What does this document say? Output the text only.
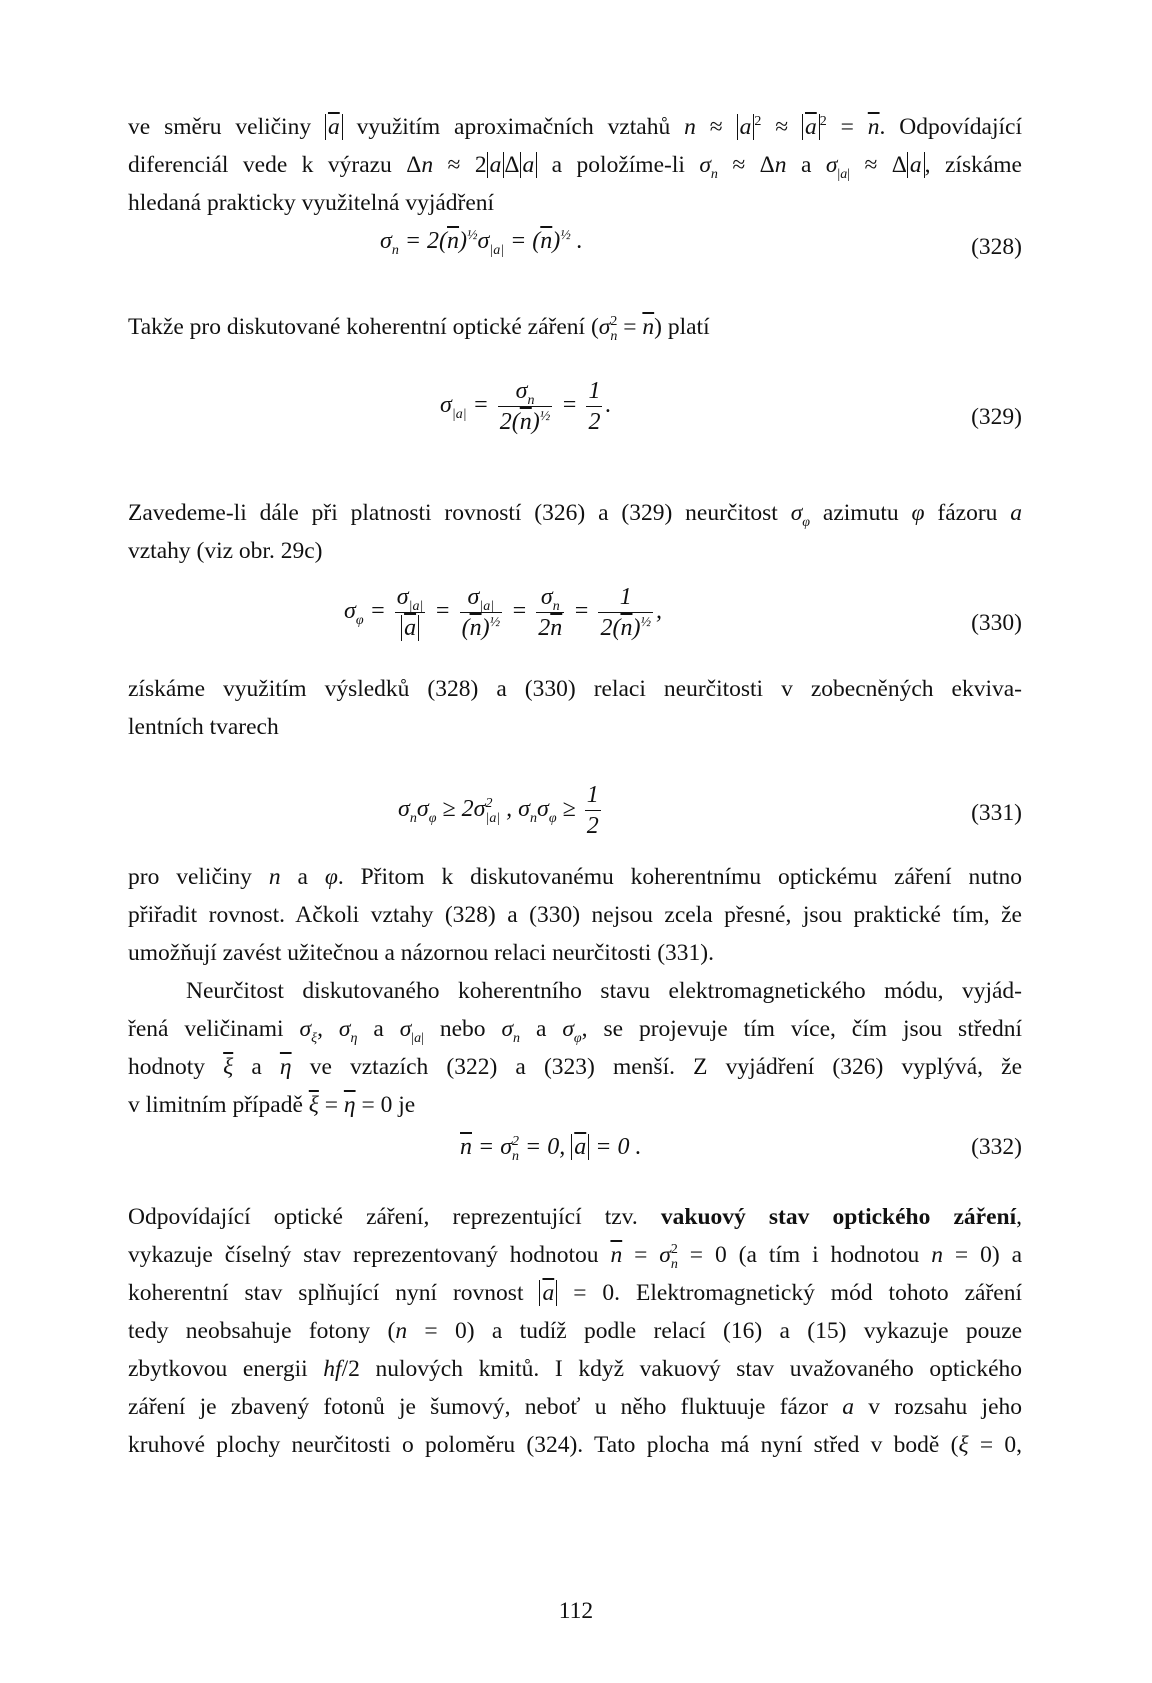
ve směru veličiny $\overline{a}$ využitím aproximačních vztahů n ≈ a $^2 \approx \overline{a}$ $^2 = \overline{n}$. Odpovídající
diferenciál vede k výrazu Δn ≈ 2 a Δ a a položíme-li $\sigma_n \approx \Delta n$ a $\sigma_{|a|} \approx \Delta$ a , získáme
hledaná prakticky využitelná vyjádření
$\sigma_n = 2(\overline{n})^{\frac{1}{2}}\sigma_{|a|} = (\overline{n})^{\frac{1}{2}}$ .	(328)
Takže pro diskutované koherentní optické záření $(\sigma^2_n = \overline{n})$ platí
$\sigma_{|a|} = \frac{\sigma_n}{2(\overline{n})^{\frac{1}{2}}} = \frac{1}{2}$ .	(329)
Zavedeme-li dále při platnosti rovností (326) a (329) neurčitost $\sigma_\varphi$ azimutu φ fázoru a
vztahy (viz obr. 29c)
$\sigma_\varphi = \frac{\sigma_{|a|}}{a} = \frac{\sigma_{|a|}}{(\overline{n})^{\frac{1}{2}}} = \frac{\sigma_n}{2\overline{n}} = \frac{1}{2(\overline{n})^{\frac{1}{2}}}$ ,	(330)
získáme využitím výsledků (328) a (330) relaci neurčitosti v zobecněných ekviva-
lentních tvarech
$\sigma_n\sigma_\varphi \ge 2\sigma^2_{|a|}$ , $\sigma_n\sigma_\varphi \ge \frac{1}{2}$	(331)
pro veličiny n a φ. Přitom k diskutovanému koherentnímu optickému záření nutno
přiřadit rovnost. Ačkoli vztahy (328) a (330) nejsou zcela přesné, jsou praktické tím, že
umožňují zavést užitečnou a názornou relaci neurčitosti (331).
Neurčitost diskutovaného koherentního stavu elektromagnetického módu, vyjád-
řená veličinami $\sigma_\xi$, $\sigma_\eta$ a $\sigma_{|a|}$ nebo $\sigma_n$ a $\sigma_\varphi$, se projevuje tím více, čím jsou střední
hodnoty $\overline{\xi}$ a $\overline{\eta}$ ve vztazích (322) a (323) menší. Z vyjádření (326) vyplývá, že
v limitním případě $\overline{\xi} = \overline{\eta} = 0$ je
$\overline{n} = \sigma^2_n = 0$, $\overline{a} = 0$ .	(332)
Odpovídající optické záření, reprezentující tzv. vakuový stav optického záření,
vykazuje číselný stav reprezentovaný hodnotou $\overline{n} = \sigma^2_n = 0$ (a tím i hodnotou n = 0) a
koherentní stav splňující nyní rovnost $\overline{a} = 0$. Elektromagnetický mód tohoto záření
tedy neobsahuje fotony (n = 0) a tudíž podle relací (16) a (15) vykazuje pouze
zbytkovou energii hf/2 nulových kmitů. I když vakuový stav uvažovaného optického
záření je zbavený fotonů je šumový, neboť u něho fluktuuje fázor a v rozsahu jeho
kruhové plochy neurčitosti o poloměru (324). Tato plocha má nyní střed v bodě (ξ = 0,
112
